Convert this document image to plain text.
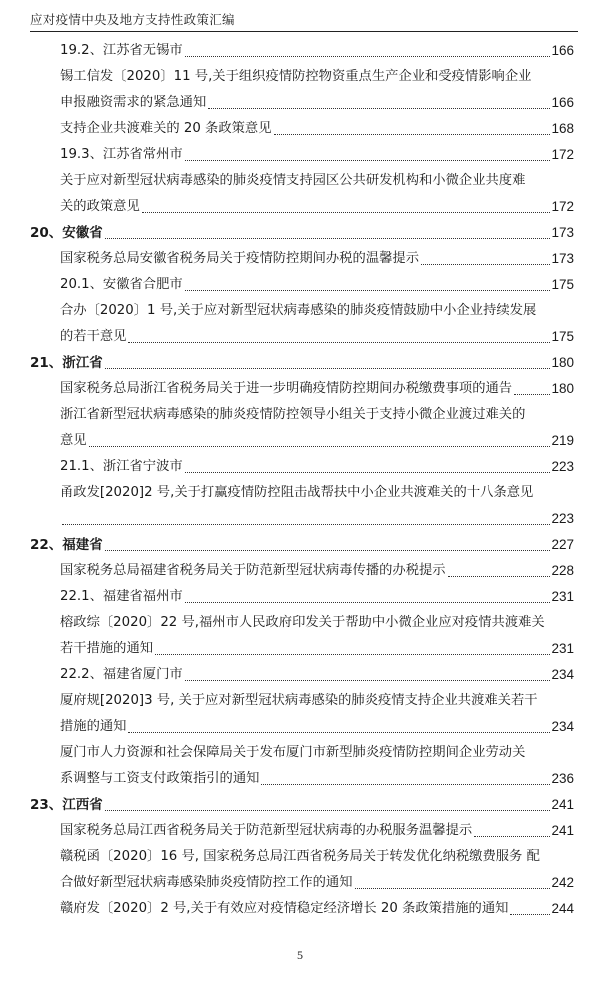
应对疫情中央及地方支持性政策汇编
19.2、江苏省无锡市	166
锡工信发〔2020〕11 号,关于组织疫情防控物资重点生产企业和受疫情影响企业
申报融资需求的紧急通知	166
支持企业共渡难关的 20 条政策意见	168
19.3、江苏省常州市	172
关于应对新型冠状病毒感染的肺炎疫情支持园区公共研发机构和小微企业共度难
关的政策意见	172
20、安徽省	173
国家税务总局安徽省税务局关于疫情防控期间办税的温馨提示	173
20.1、安徽省合肥市	175
合办〔2020〕1 号,关于应对新型冠状病毒感染的肺炎疫情鼓励中小企业持续发展
的若干意见	175
21、浙江省	180
国家税务总局浙江省税务局关于进一步明确疫情防控期间办税缴费事项的通告	180
浙江省新型冠状病毒感染的肺炎疫情防控领导小组关于支持小微企业渡过难关的
意见	219
21.1、浙江省宁波市	223
甬政发[2020]2 号,关于打赢疫情防控阻击战帮扶中小企业共渡难关的十八条意见
223
22、福建省	227
国家税务总局福建省税务局关于防范新型冠状病毒传播的办税提示	228
22.1、福建省福州市	231
榕政综〔2020〕22 号,福州市人民政府印发关于帮助中小微企业应对疫情共渡难关
若干措施的通知	231
22.2、福建省厦门市	234
厦府规[2020]3 号, 关于应对新型冠状病毒感染的肺炎疫情支持企业共渡难关若干
措施的通知	234
厦门市人力资源和社会保障局关于发布厦门市新型肺炎疫情防控期间企业劳动关
系调整与工资支付政策指引的通知	236
23、江西省	241
国家税务总局江西省税务局关于防范新型冠状病毒的办税服务温馨提示	241
赣税函〔2020〕16 号, 国家税务总局江西省税务局关于转发优化纳税缴费服务 配
合做好新型冠状病毒感染肺炎疫情防控工作的通知	242
赣府发〔2020〕2 号,关于有效应对疫情稳定经济增长 20 条政策措施的通知	244
5
